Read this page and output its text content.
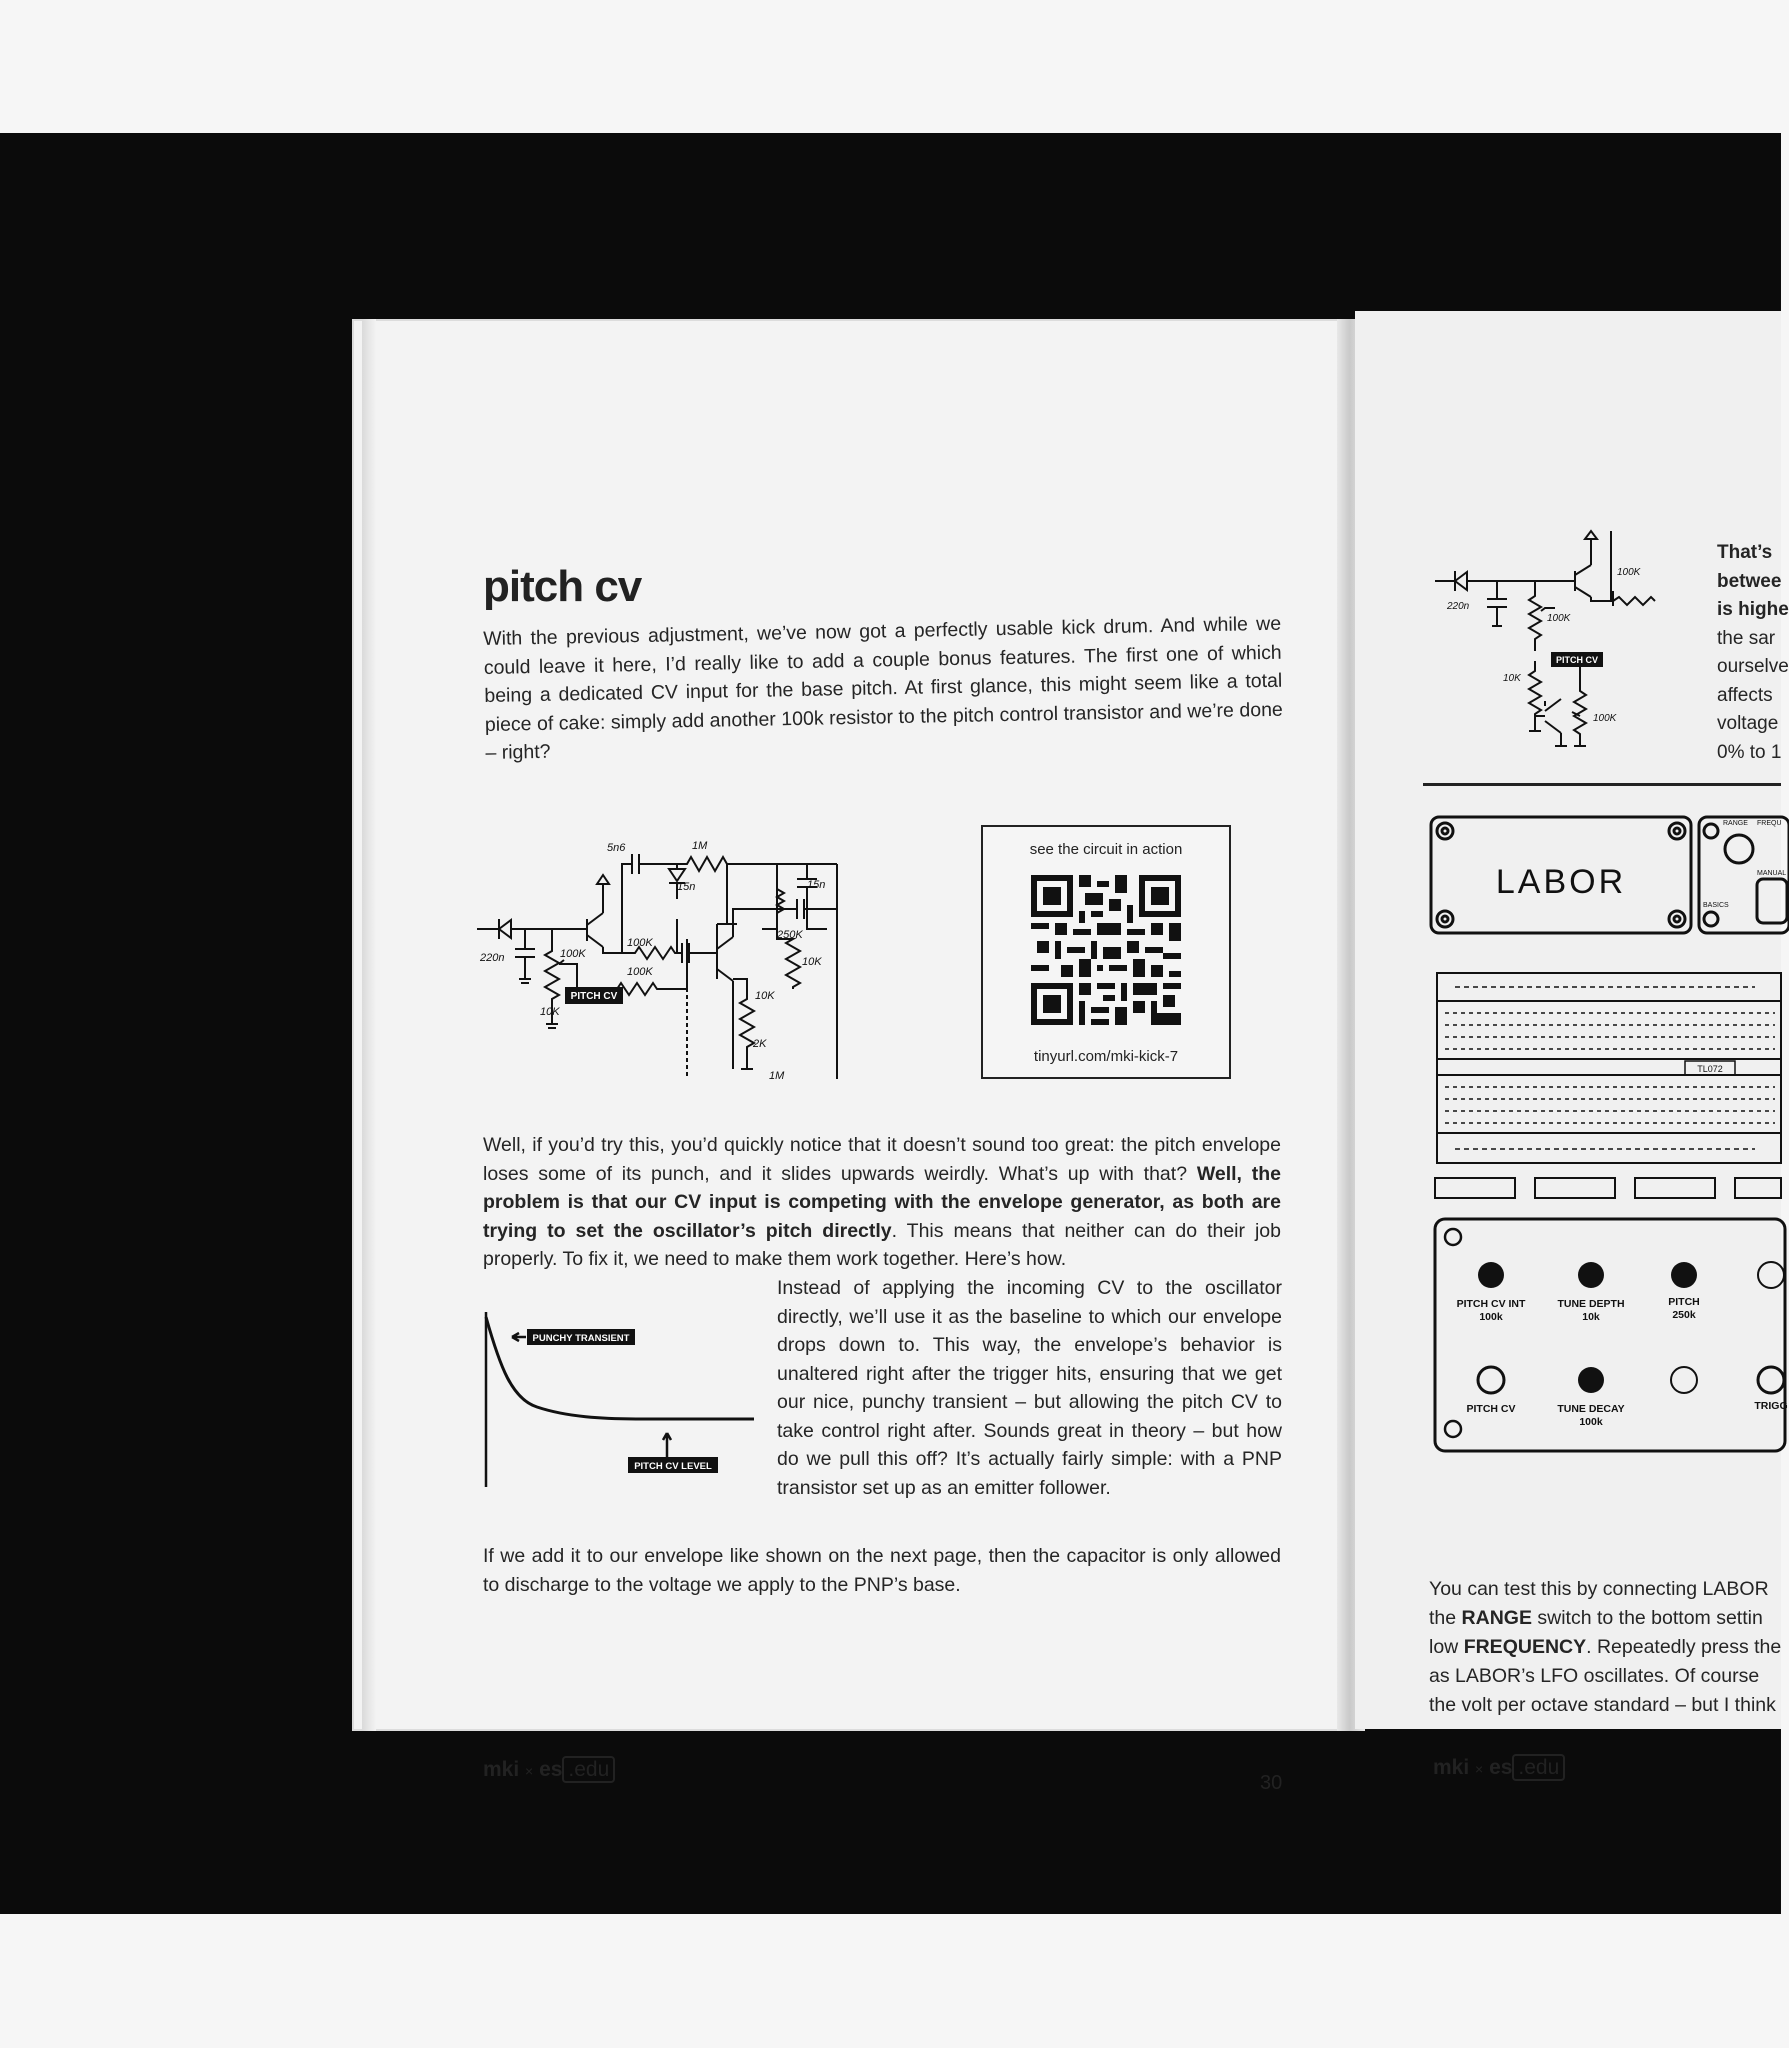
pitch cv

With the previous adjustment, we’ve now got a perfectly usable kick drum. And while we could leave it here, I’d really like to add a couple bonus features. The first one of which being a dedicated CV input for the base pitch. At first glance, this might seem like a total piece of cake: simply add another 100k resistor to the pitch control transistor and we’re done – right?

5n6	1M
15n	15n
100K
250K
220n	100K
100K
10K
10K
10K
2K
1M
PITCH CV
see the circuit in action
tinyurl.com/mki-kick-7

Well, if you’d try this, you’d quickly notice that it doesn’t sound too great: the pitch envelope loses some of its punch, and it slides upwards weirdly. What’s up with that? Well, the problem is that our CV input is competing with the envelope generator, as both are trying to set the oscillator’s pitch directly. This means that neither can do their job properly. To fix it, we need to make them work together. Here’s how.

PUNCHY TRANSIENT
PITCH CV LEVEL

Instead of applying the incoming CV to the oscillator directly, we’ll use it as the baseline to which our envelope drops down to. This way, the envelope’s behavior is unaltered right after the trigger hits, ensuring that we get our nice, punchy transient – but allowing the pitch CV to take control right after. Sounds great in theory – but how do we pull this off? It’s actually fairly simple: with a PNP transistor set up as an emitter follower.

If we add it to our envelope like shown on the next page, then the capacitor is only allowed to discharge to the voltage we apply to the PNP’s base.

mki × es .edu
30
That’s
betwee
is highe
the sar
ourselve
affects
voltage
0% to 1
220n
100K
100K
10K
100K
PITCH CV
LABOR
RANGE FREQU
MANUAL
BASICS
TL072
PITCH CV INT
100k
TUNE DEPTH
10k
PITCH
250k
PITCH CV	TUNE DECAY
100k
TRIGG
You can test this by connecting LABOR
the RANGE switch to the bottom settin
low FREQUENCY. Repeatedly press the
as LABOR’s LFO oscillates. Of course
the volt per octave standard – but I think
mki × es .edu
